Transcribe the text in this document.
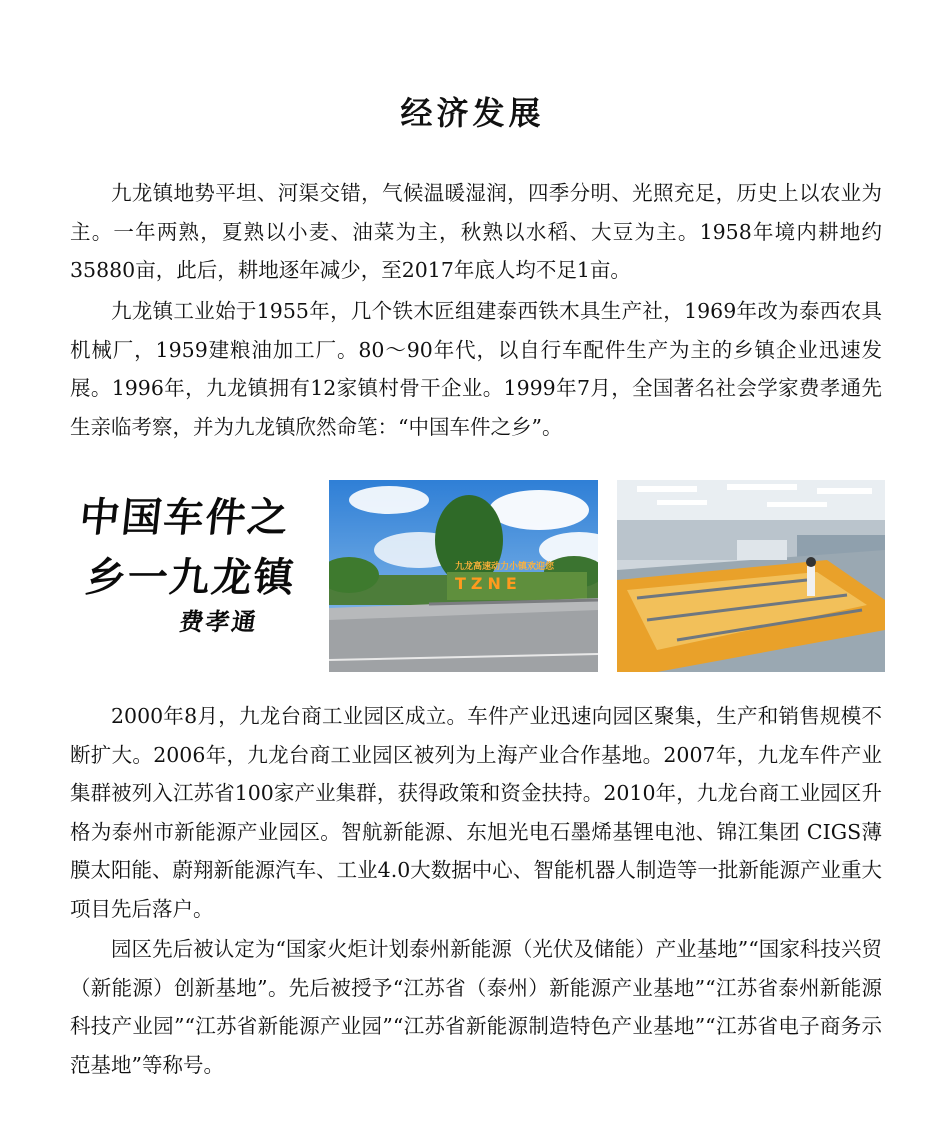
经济发展

九龙镇地势平坦、河渠交错，气候温暖湿润，四季分明、光照充足，历史上以农业为主。一年两熟，夏熟以小麦、油菜为主，秋熟以水稻、大豆为主。1958年境内耕地约35880亩，此后，耕地逐年减少，至2017年底人均不足1亩。

九龙镇工业始于1955年，几个铁木匠组建泰西铁木具生产社，1969年改为泰西农具机械厂，1959建粮油加工厂。80～90年代，以自行车配件生产为主的乡镇企业迅速发展。1996年，九龙镇拥有12家镇村骨干企业。1999年7月，全国著名社会学家费孝通先生亲临考察，并为九龙镇欣然命笔：“中国车件之乡”。

中国车件之
乡一九龙镇
费孝通
九龙高速动力小镇欢迎您
TZNE

2000年8月，九龙台商工业园区成立。车件产业迅速向园区聚集，生产和销售规模不断扩大。2006年，九龙台商工业园区被列为上海产业合作基地。2007年，九龙车件产业集群被列入江苏省100家产业集群，获得政策和资金扶持。2010年，九龙台商工业园区升格为泰州市新能源产业园区。智航新能源、东旭光电石墨烯基锂电池、锦江集团 CIGS薄膜太阳能、蔚翔新能源汽车、工业4.0大数据中心、智能机器人制造等一批新能源产业重大项目先后落户。

园区先后被认定为“国家火炬计划泰州新能源（光伏及储能）产业基地”“国家科技兴贸（新能源）创新基地”。先后被授予“江苏省（泰州）新能源产业基地”“江苏省泰州新能源科技产业园”“江苏省新能源产业园”“江苏省新能源制造特色产业基地”“江苏省电子商务示范基地”等称号。
